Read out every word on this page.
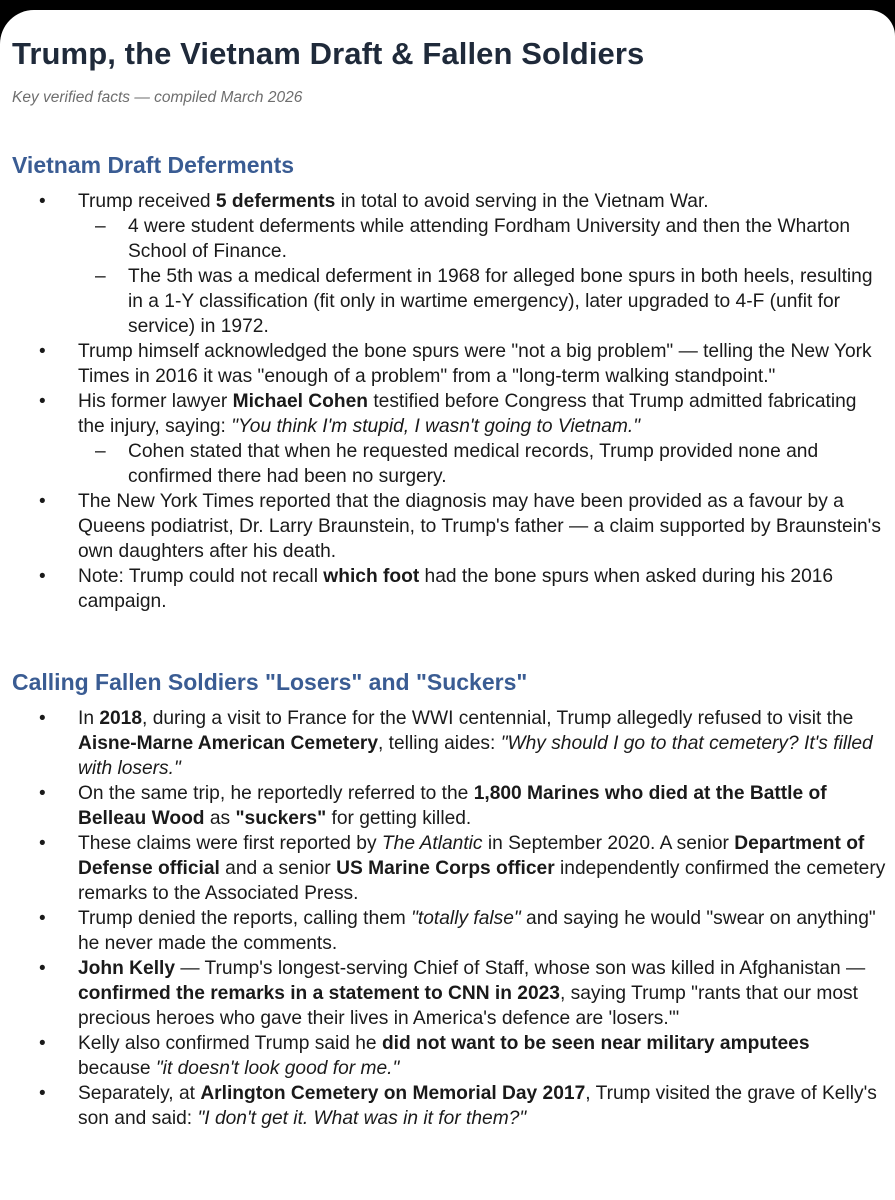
Trump, the Vietnam Draft & Fallen Soldiers
Key verified facts — compiled March 2026
Vietnam Draft Deferments
• Trump received 5 deferments in total to avoid serving in the Vietnam War.
– 4 were student deferments while attending Fordham University and then the Wharton School of Finance.
– The 5th was a medical deferment in 1968 for alleged bone spurs in both heels, resulting in a 1-Y classification (fit only in wartime emergency), later upgraded to 4-F (unfit for service) in 1972.
• Trump himself acknowledged the bone spurs were "not a big problem" — telling the New York Times in 2016 it was "enough of a problem" from a "long-term walking standpoint."
• His former lawyer Michael Cohen testified before Congress that Trump admitted fabricating the injury, saying: "You think I'm stupid, I wasn't going to Vietnam."
– Cohen stated that when he requested medical records, Trump provided none and confirmed there had been no surgery.
• The New York Times reported that the diagnosis may have been provided as a favour by a Queens podiatrist, Dr. Larry Braunstein, to Trump's father — a claim supported by Braunstein's own daughters after his death.
• Note: Trump could not recall which foot had the bone spurs when asked during his 2016 campaign.
Calling Fallen Soldiers "Losers" and "Suckers"
• In 2018, during a visit to France for the WWI centennial, Trump allegedly refused to visit the Aisne-Marne American Cemetery, telling aides: "Why should I go to that cemetery? It's filled with losers."
• On the same trip, he reportedly referred to the 1,800 Marines who died at the Battle of Belleau Wood as "suckers" for getting killed.
• These claims were first reported by The Atlantic in September 2020. A senior Department of Defense official and a senior US Marine Corps officer independently confirmed the cemetery remarks to the Associated Press.
• Trump denied the reports, calling them "totally false" and saying he would "swear on anything" he never made the comments.
• John Kelly — Trump's longest-serving Chief of Staff, whose son was killed in Afghanistan — confirmed the remarks in a statement to CNN in 2023, saying Trump "rants that our most precious heroes who gave their lives in America's defence are 'losers.'"
• Kelly also confirmed Trump said he did not want to be seen near military amputees because "it doesn't look good for me."
• Separately, at Arlington Cemetery on Memorial Day 2017, Trump visited the grave of Kelly's son and said: "I don't get it. What was in it for them?"
